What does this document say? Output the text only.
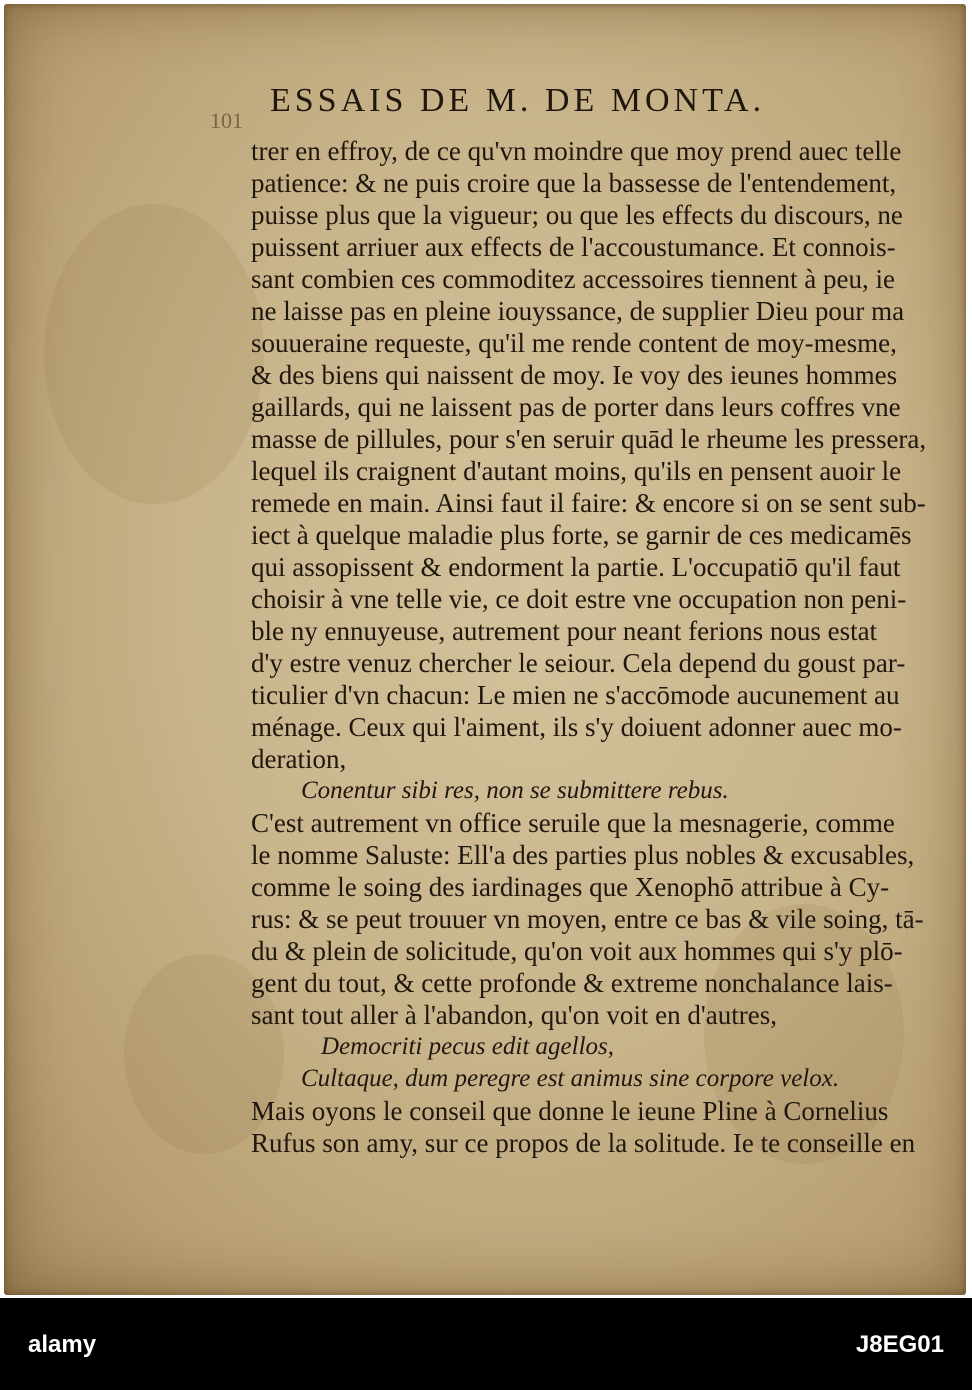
101
ESSAIS DE M. DE MONTA.
trer en effroy, de ce qu'vn moindre que moy prend auec telle
patience: & ne puis croire que la bassesse de l'entendement,
puisse plus que la vigueur; ou que les effects du discours, ne
puissent arriuer aux effects de l'accoustumance. Et connois-
sant combien ces commoditez accessoires tiennent à peu, ie
ne laisse pas en pleine iouyssance, de supplier Dieu pour ma
souueraine requeste, qu'il me rende content de moy-mesme,
& des biens qui naissent de moy. Ie voy des ieunes hommes
gaillards, qui ne laissent pas de porter dans leurs coffres vne
masse de pillules, pour s'en seruir quād le rheume les pressera,
lequel ils craignent d'autant moins, qu'ils en pensent auoir le
remede en main. Ainsi faut il faire: & encore si on se sent sub-
iect à quelque maladie plus forte, se garnir de ces medicamēs
qui assopissent & endorment la partie. L'occupatiō qu'il faut
choisir à vne telle vie, ce doit estre vne occupation non peni-
ble ny ennuyeuse, autrement pour neant ferions nous estat
d'y estre venuz chercher le seiour. Cela depend du goust par-
ticulier d'vn chacun: Le mien ne s'accōmode aucunement au
ménage. Ceux qui l'aiment, ils s'y doiuent adonner auec mo-
deration,
Conentur sibi res, non se submittere rebus.
C'est autrement vn office seruile que la mesnagerie, comme
le nomme Saluste: Ell'a des parties plus nobles & excusables,
comme le soing des iardinages que Xenophō attribue à Cy-
rus: & se peut trouuer vn moyen, entre ce bas & vile soing, tā-
du & plein de solicitude, qu'on voit aux hommes qui s'y plō-
gent du tout, & cette profonde & extreme nonchalance lais-
sant tout aller à l'abandon, qu'on voit en d'autres,
Democriti pecus edit agellos,
Cultaque, dum peregre est animus sine corpore velox.
Mais oyons le conseil que donne le ieune Pline à Cornelius
Rufus son amy, sur ce propos de la solitude. Ie te conseille en
alamy	J8EG01
